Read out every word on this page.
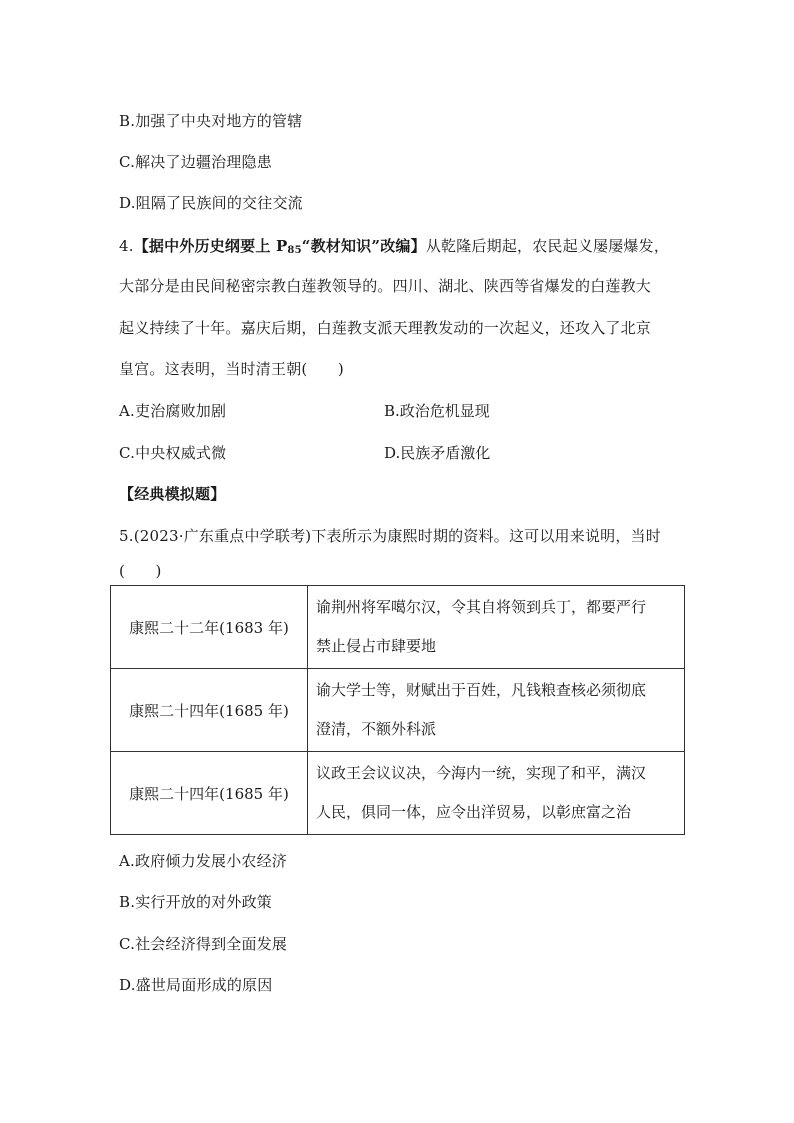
B.加强了中央对地方的管辖
C.解决了边疆治理隐患
D.阻隔了民族间的交往交流
4.【据中外历史纲要上 $P_{85}“$教材知识”改编】从乾隆后期起，农民起义屡屡爆发，
大部分是由民间秘密宗教白莲教领导的。四川、湖北、陕西等省爆发的白莲教大
起义持续了十年。嘉庆后期，白莲教支派天理教发动的一次起义，还攻入了北京
皇宫。这表明，当时清王朝(　　)
A.吏治腐败加剧	B.政治危机显现
C.中央权威式微	D.民族矛盾激化
【经典模拟题】
5.(2023·广东重点中学联考)下表所示为康熙时期的资料。这可以用来说明，当时
(　　)
康熙二十二年(1683 年)	谕荆州将军噶尔汉，令其自将领到兵丁，都要严行
禁止侵占市肆要地

康熙二十四年(1685 年)	谕大学士等，财赋出于百姓，凡钱粮查核必须彻底
澄清，不额外科派

康熙二十四年(1685 年)	议政王会议议决，今海内一统，实现了和平，满汉
人民，俱同一体，应令出洋贸易，以彰庶富之治
A.政府倾力发展小农经济
B.实行开放的对外政策
C.社会经济得到全面发展
D.盛世局面形成的原因
